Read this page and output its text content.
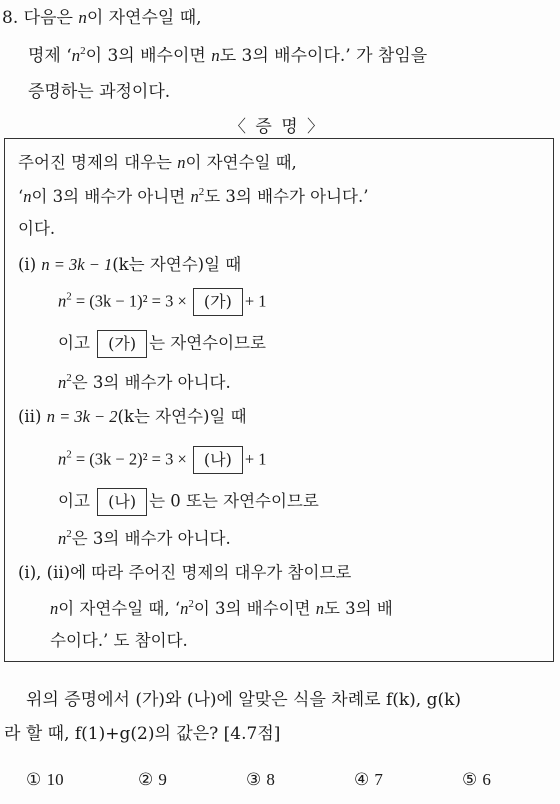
8. 다음은 n이 자연수일 때,
명제 ‘$n^2$이 3의 배수이면 n도 3의 배수이다.’ 가 참임을
증명하는 과정이다.
〈 증 명 〉
주어진 명제의 대우는 n이 자연수일 때,
‘n이 3의 배수가 아니면 $n^2$도 3의 배수가 아니다.’
이다.
(ⅰ) n = 3k − 1(k는 자연수)일 때
$n^2 = (3k - 1)^2 = 3$ × (가) + 1
이고 (가) 는 자연수이므로
$n^2$은 3의 배수가 아니다.
(ⅱ) n = 3k − 2(k는 자연수)일 때
$n^2 = (3k - 2)^2 = 3$ × (나) + 1
이고 (나) 는 0 또는 자연수이므로
$n^2$은 3의 배수가 아니다.
(ⅰ), (ⅱ)에 따라 주어진 명제의 대우가 참이므로
n이 자연수일 때, ‘$n^2$이 3의 배수이면 n도 3의 배
수이다.’ 도 참이다.
위의 증명에서 (가)와 (나)에 알맞은 식을 차례로 f(k), g(k)
라 할 때, f(1)+g(2)의 값은? [4.7점]
① 10	② 9	③ 8	④ 7	⑤ 6
